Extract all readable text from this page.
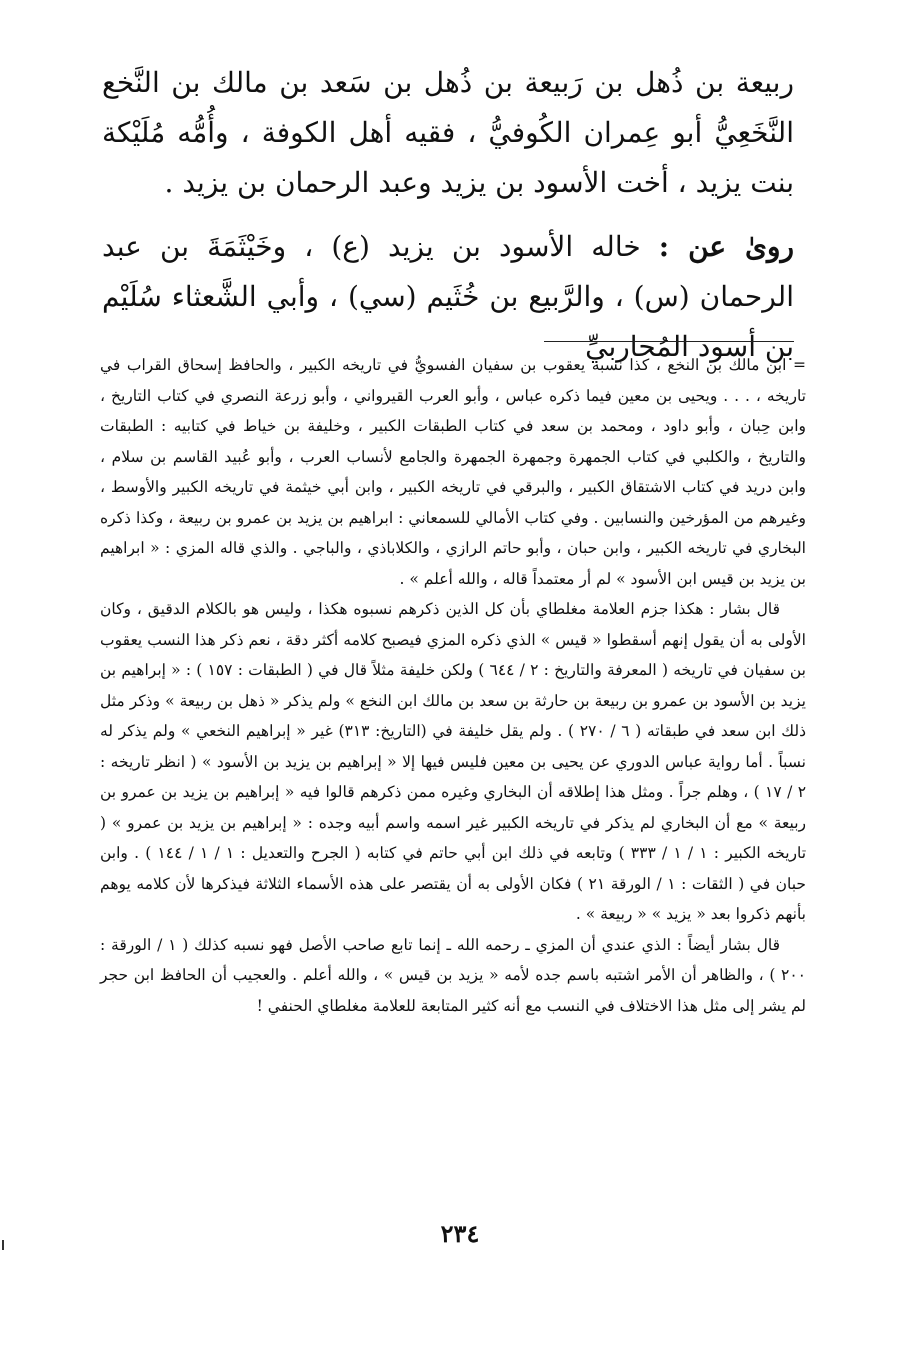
ربيعة بن ذُهل بن رَبيعة بن ذُهل بن سَعد بن مالك بن النَّخع النَّخَعِيُّ أبو عِمران الكُوفيُّ ، فقيه أهل الكوفة ، وأُمُّه مُلَيْكة بنت يزيد ، أخت الأسود بن يزيد وعبد الرحمان بن يزيد .

روىٰ عن : خاله الأسود بن يزيد (ع) ، وخَيْثَمَةَ بن عبد الرحمان (س) ، والرَّبيع بن خُثَيم (سي) ، وأبي الشَّعثاء سُلَيْم بن أسود المُحاربيِّ

= ابن مالك بن النخع ، كذا نسبه يعقوب بن سفيان الفسويُّ في تاريخه الكبير ، والحافظ إسحاق القراب في تاريخه ، . . . ويحيى بن معين فيما ذكره عباس ، وأبو العرب القيرواني ، وأبو زرعة النصري في كتاب التاريخ ، وابن حِبان ، وأبو داود ، ومحمد بن سعد في كتاب الطبقات الكبير ، وخليفة بن خياط في كتابيه : الطبقات والتاريخ ، والكلبي في كتاب الجمهرة وجمهرة الجمهرة والجامع لأنساب العرب ، وأبو عُبيد القاسم بن سلام ، وابن دريد في كتاب الاشتقاق الكبير ، والبرقي في تاريخه الكبير ، وابن أبي خيثمة في تاريخه الكبير والأوسط ، وغيرهم من المؤرخين والنسابين . وفي كتاب الأمالي للسمعاني : ابراهيم بن يزيد بن عمرو بن ربيعة ، وكذا ذكره البخاري في تاريخه الكبير ، وابن حبان ، وأبو حاتم الرازي ، والكلاباذي ، والباجي . والذي قاله المزي : « ابراهيم بن يزيد بن قيس ابن الأسود » لم أر معتمداً قاله ، والله أعلم » .

قال بشار : هكذا جزم العلامة مغلطاي بأن كل الذين ذكرهم نسبوه هكذا ، وليس هو بالكلام الدقيق ، وكان الأولى به أن يقول إنهم أسقطوا « قيس » الذي ذكره المزي فيصبح كلامه أكثر دقة ، نعم ذكر هذا النسب يعقوب بن سفيان في تاريخه ( المعرفة والتاريخ : ٢ / ٦٤٤ ) ولكن خليفة مثلاً قال في ( الطبقات : ١٥٧ ) : « إبراهيم بن يزيد بن الأسود بن عمرو بن ربيعة بن حارثة بن سعد بن مالك ابن النخع » ولم يذكر « ذهل بن ربيعة » وذكر مثل ذلك ابن سعد في طبقاته ( ٦ / ٢٧٠ ) . ولم يقل خليفة في (التاريخ: ٣١٣) غير « إبراهيم النخعي » ولم يذكر له نسباً . أما رواية عباس الدوري عن يحيى بن معين فليس فيها إلا « إبراهيم بن يزيد بن الأسود » ( انظر تاريخه : ٢ / ١٧ ) ، وهلم جراً . ومثل هذا إطلاقه أن البخاري وغيره ممن ذكرهم قالوا فيه « إبراهيم بن يزيد بن عمرو بن ربيعة » مع أن البخاري لم يذكر في تاريخه الكبير غير اسمه واسم أبيه وجده : « إبراهيم بن يزيد بن عمرو » ( تاريخه الكبير : ١ / ١ / ٣٣٣ ) وتابعه في ذلك ابن أبي حاتم في كتابه ( الجرح والتعديل : ١ / ١ / ١٤٤ ) . وابن حبان في ( الثقات : ١ / الورقة ٢١ ) فكان الأولى به أن يقتصر على هذه الأسماء الثلاثة فيذكرها لأن كلامه يوهم بأنهم ذكروا بعد « يزيد » « ربيعة » .

قال بشار أيضاً : الذي عندي أن المزي ـ رحمه الله ـ إنما تابع صاحب الأصل فهو نسبه كذلك ( ١ / الورقة : ٢٠٠ ) ، والظاهر أن الأمر اشتبه باسم جده لأمه « يزيد بن قيس » ، والله أعلم . والعجيب أن الحافظ ابن حجر لم يشر إلى مثل هذا الاختلاف في النسب مع أنه كثير المتابعة للعلامة مغلطاي الحنفي !

٢٣٤
